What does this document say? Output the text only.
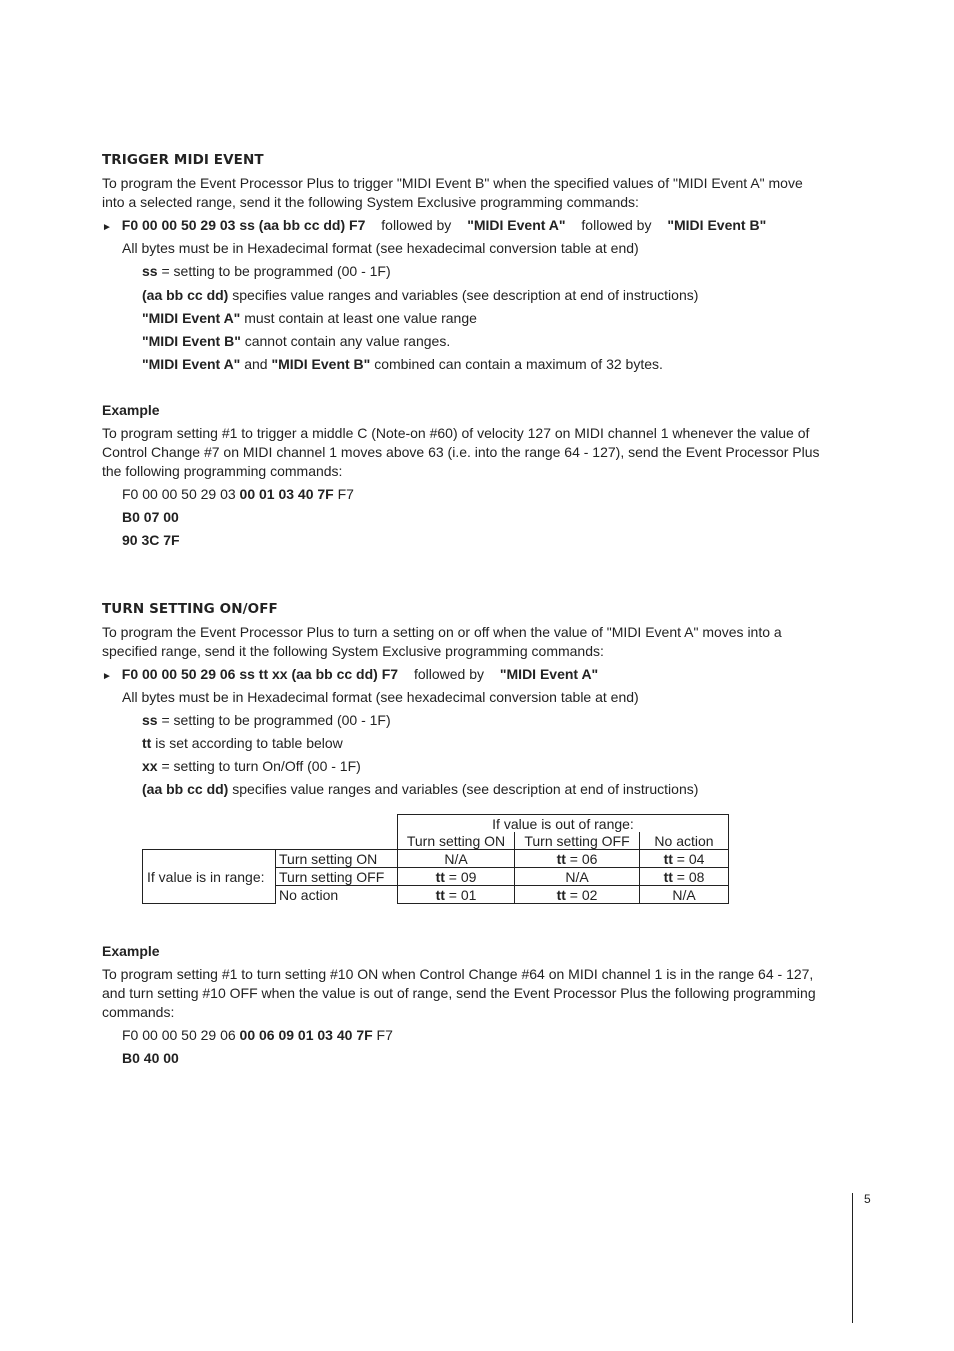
TRIGGER MIDI EVENT
To program the Event Processor Plus to trigger "MIDI Event B" when the specified values of "MIDI Event A" move
into a selected range, send it the following System Exclusive programming commands:
► F0 00 00 50 29 03 ss (aa bb cc dd) F7 followed by "MIDI Event A" followed by "MIDI Event B"
All bytes must be in Hexadecimal format (see hexadecimal conversion table at end)
ss = setting to be programmed (00 - 1F)
(aa bb cc dd) specifies value ranges and variables (see description at end of instructions)
"MIDI Event A" must contain at least one value range
"MIDI Event B" cannot contain any value ranges.
"MIDI Event A" and "MIDI Event B" combined can contain a maximum of 32 bytes.
Example
To program setting #1 to trigger a middle C (Note-on #60) of velocity 127 on MIDI channel 1 whenever the value of
Control Change #7 on MIDI channel 1 moves above 63 (i.e. into the range 64 - 127), send the Event Processor Plus
the following programming commands:
F0 00 00 50 29 03 00 01 03 40 7F F7
B0 07 00
90 3C 7F
TURN SETTING ON/OFF
To program the Event Processor Plus to turn a setting on or off when the value of "MIDI Event A" moves into a
specified range, send it the following System Exclusive programming commands:
► F0 00 00 50 29 06 ss tt xx (aa bb cc dd) F7 followed by "MIDI Event A"
All bytes must be in Hexadecimal format (see hexadecimal conversion table at end)
ss = setting to be programmed (00 - 1F)
tt is set according to table below
xx = setting to turn On/Off (00 - 1F)
(aa bb cc dd) specifies value ranges and variables (see description at end of instructions)
		If value is out of range:		
		Turn setting ON	Turn setting OFF	No action
If value is in range:	Turn setting ON	N/A	tt = 06	tt = 04
	Turn setting OFF	tt = 09	N/A	tt = 08
	No action	tt = 01	tt = 02	N/A
Example
To program setting #1 to turn setting #10 ON when Control Change #64 on MIDI channel 1 is in the range 64 - 127,
and turn setting #10 OFF when the value is out of range, send the Event Processor Plus the following programming
commands:
F0 00 00 50 29 06 00 06 09 01 03 40 7F F7
B0 40 00
5
